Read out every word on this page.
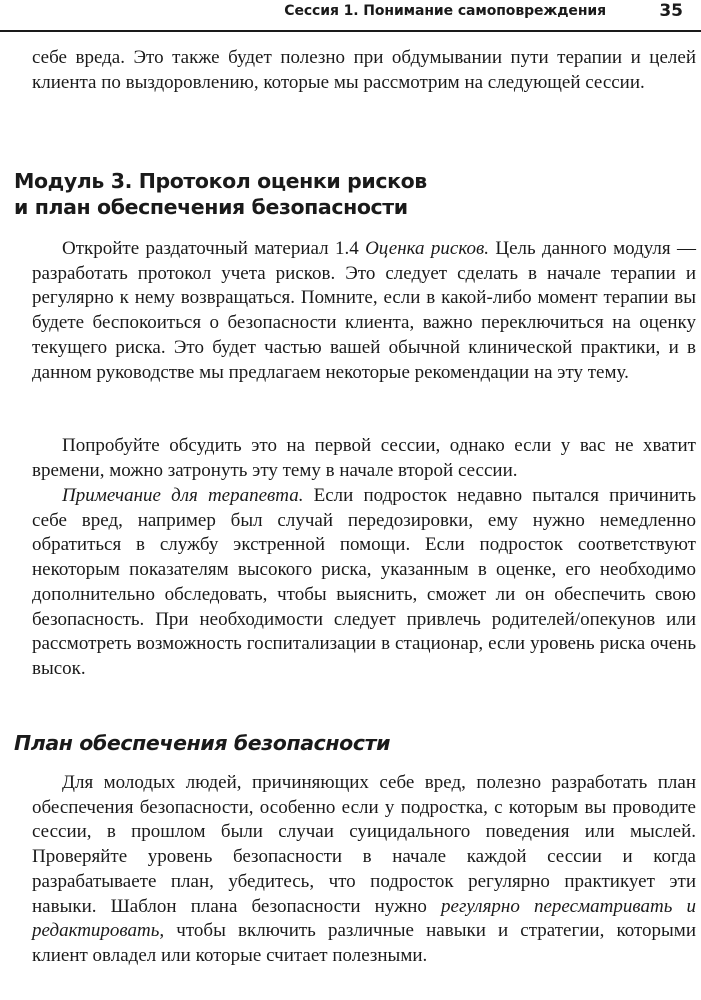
Сессия 1. Понимание самоповреждения	35

себе вреда. Это также будет полезно при обдумывании пути терапии и целей клиента по выздоровлению, которые мы рассмотрим на следующей сессии.

Модуль 3. Протокол оценки рисков
и план обеспечения безопасности

Откройте раздаточный материал 1.4 Оценка рисков. Цель данного модуля — разработать протокол учета рисков. Это следует сделать в начале терапии и регулярно к нему возвращаться. Помните, если в какой-либо момент терапии вы будете беспокоиться о безопасности клиента, важно переключиться на оценку текущего риска. Это будет частью вашей обычной клинической практики, и в данном руководстве мы предлагаем некоторые рекомендации на эту тему.

Попробуйте обсудить это на первой сессии, однако если у вас не хватит времени, можно затронуть эту тему в начале второй сессии.

Примечание для терапевта. Если подросток недавно пытался причинить себе вред, например был случай передозировки, ему нужно немедленно обратиться в службу экстренной помощи. Если подросток соответствуют некоторым показателям высокого риска, указанным в оценке, его необходимо дополнительно обследовать, чтобы выяснить, сможет ли он обеспечить свою безопасность. При необходимости следует привлечь родителей/опекунов или рассмотреть возможность госпитализации в стационар, если уровень риска очень высок.

План обеспечения безопасности

Для молодых людей, причиняющих себе вред, полезно разработать план обеспечения безопасности, особенно если у подростка, с которым вы проводите сессии, в прошлом были случаи суицидального поведения или мыслей. Проверяйте уровень безопасности в начале каждой сессии и когда разрабатываете план, убедитесь, что подросток регулярно практикует эти навыки. Шаблон плана безопасности нужно регулярно пересматривать и редактировать, чтобы включить различные навыки и стратегии, которыми клиент овладел или которые считает полезными.
